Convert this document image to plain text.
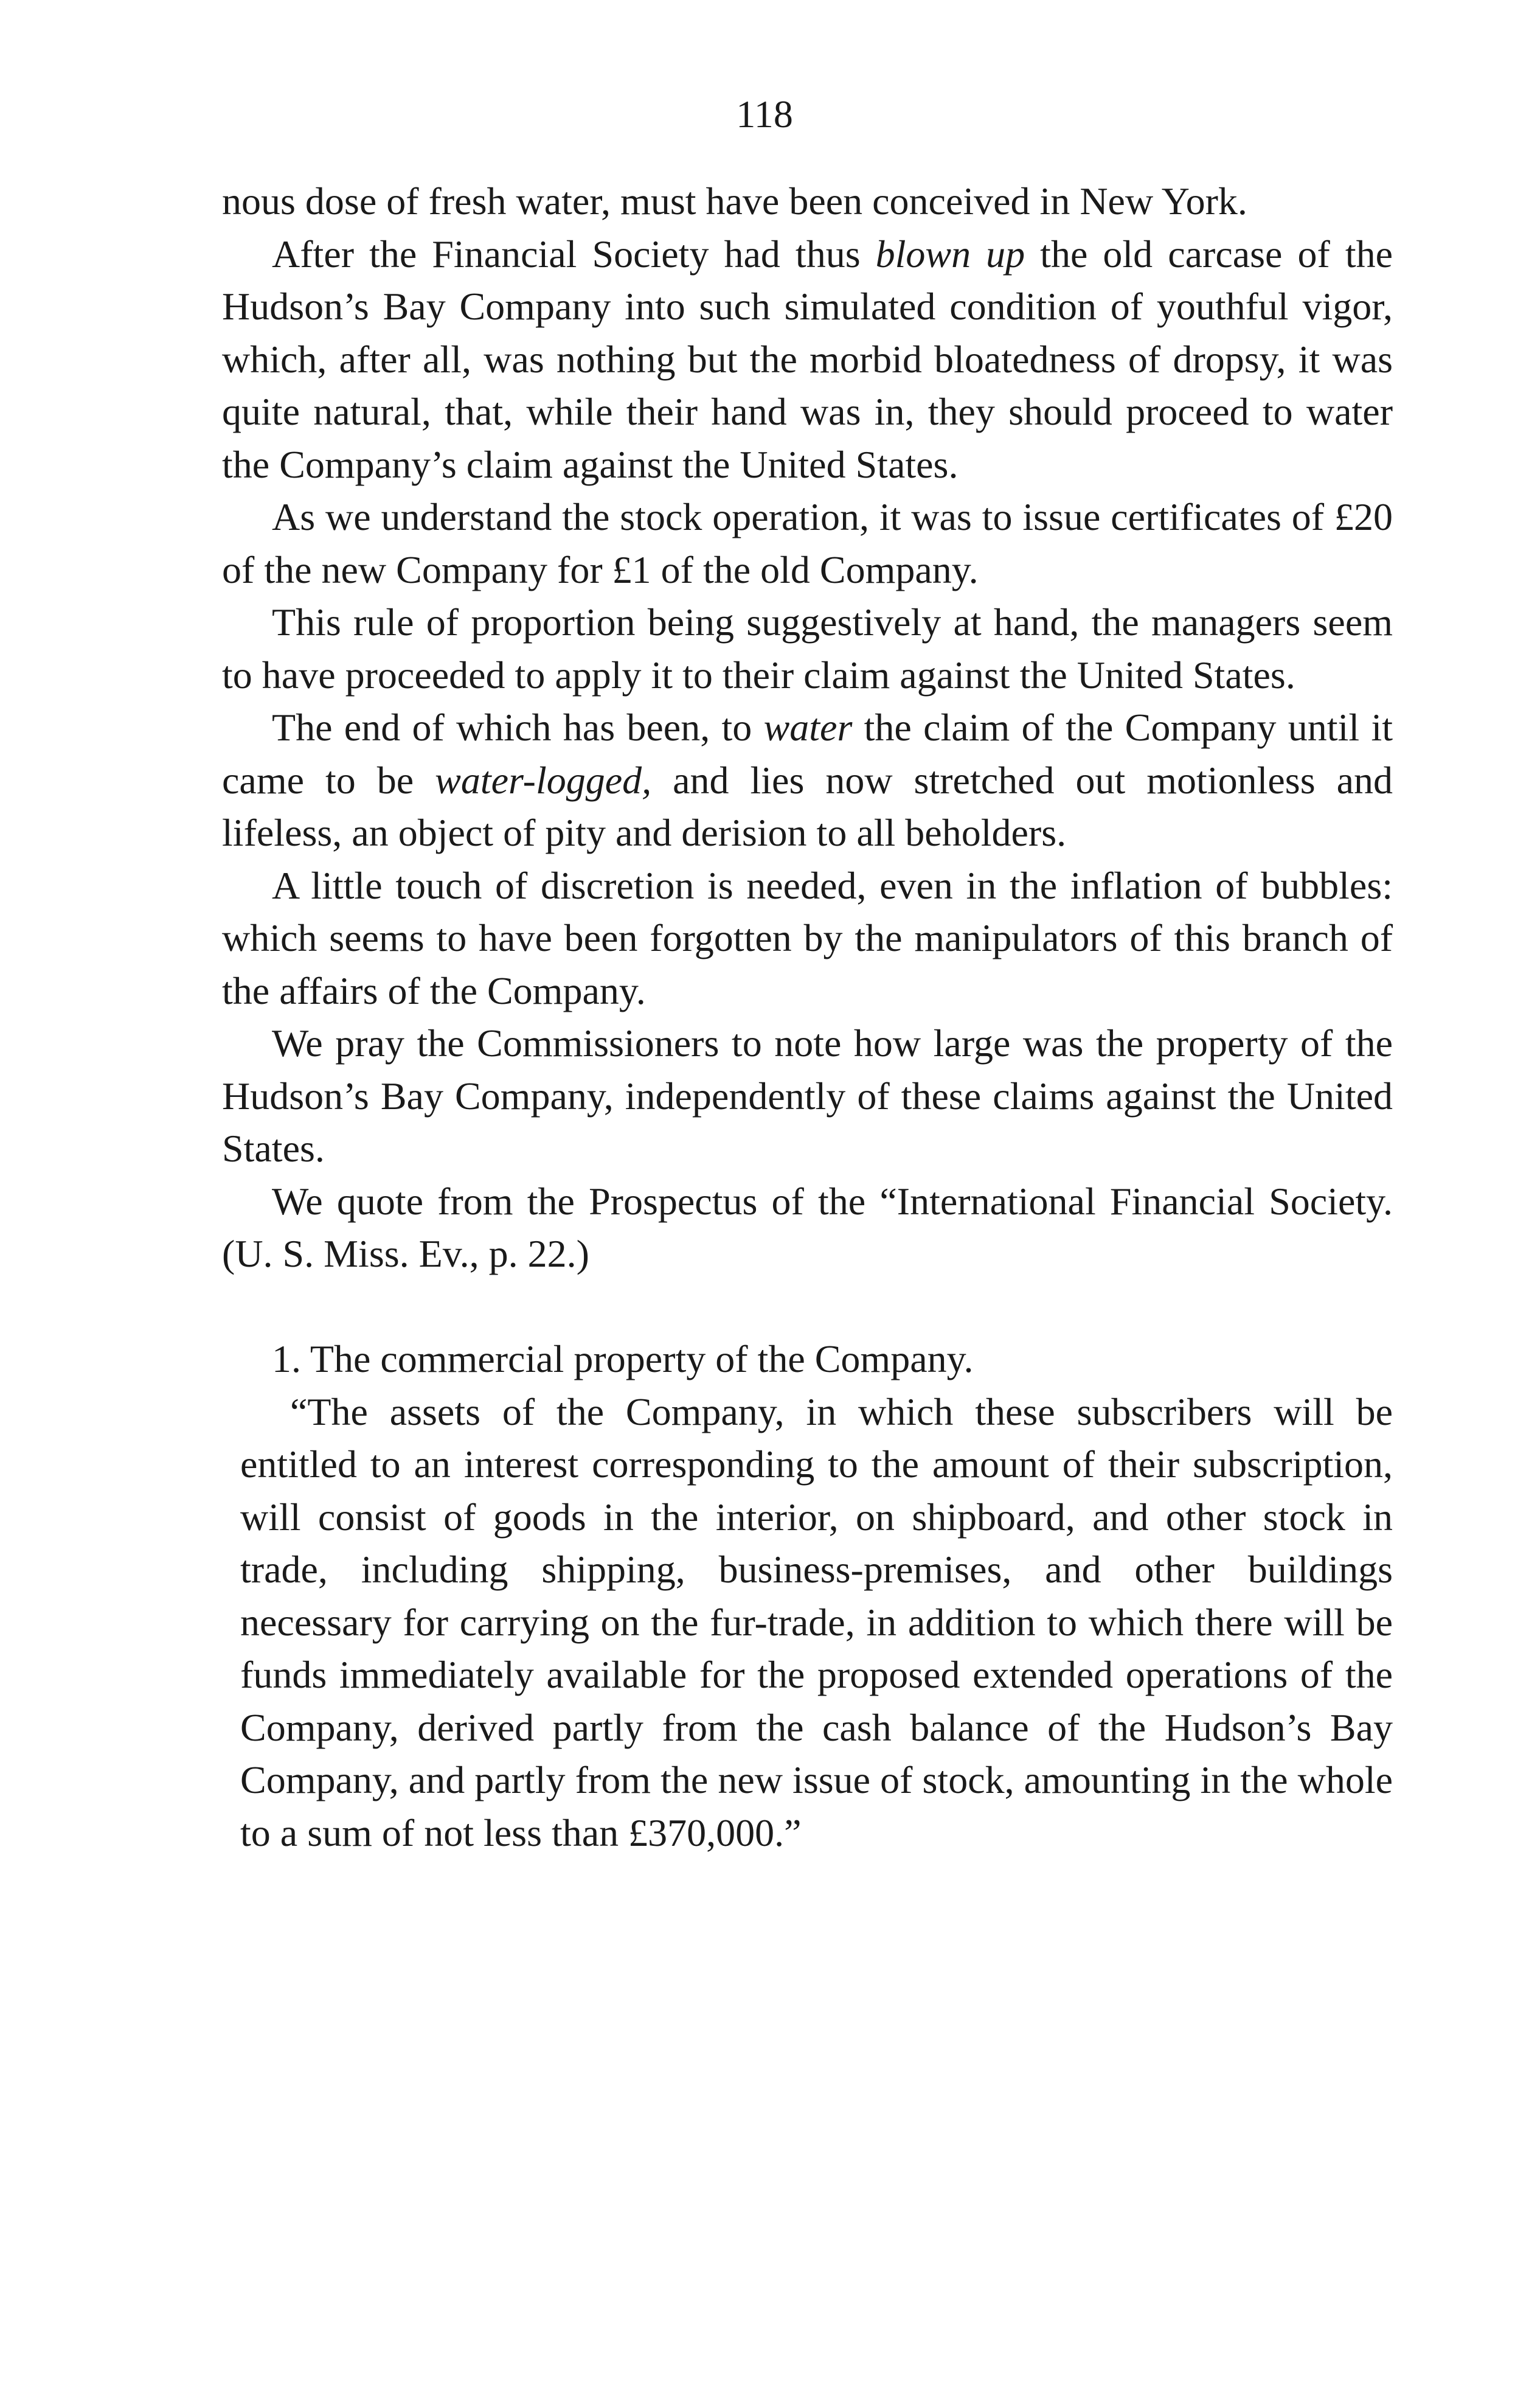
118

nous dose of fresh water, must have been conceived in New York.

After the Financial Society had thus blown up the old carcase of the Hudson’s Bay Company into such simulated condition of youthful vigor, which, after all, was nothing but the morbid bloatedness of dropsy, it was quite natural, that, while their hand was in, they should proceed to water the Company’s claim against the United States.

As we understand the stock operation, it was to issue certificates of £20 of the new Company for £1 of the old Company.

This rule of proportion being suggestively at hand, the managers seem to have proceeded to apply it to their claim against the United States.

The end of which has been, to water the claim of the Company until it came to be water-logged, and lies now stretched out motionless and lifeless, an object of pity and derision to all beholders.

A little touch of discretion is needed, even in the inflation of bubbles: which seems to have been forgotten by the manipulators of this branch of the affairs of the Company.

We pray the Commissioners to note how large was the property of the Hudson’s Bay Company, independently of these claims against the United States.

We quote from the Prospectus of the “International Financial Society. (U. S. Miss. Ev., p. 22.)

1. The commercial property of the Company.

“The assets of the Company, in which these subscribers will be entitled to an interest corresponding to the amount of their subscription, will consist of goods in the interior, on shipboard, and other stock in trade, including shipping, business-premises, and other buildings necessary for carrying on the fur-trade, in addition to which there will be funds immediately available for the proposed extended operations of the Company, derived partly from the cash balance of the Hudson’s Bay Company, and partly from the new issue of stock, amounting in the whole to a sum of not less than £370,000.”
